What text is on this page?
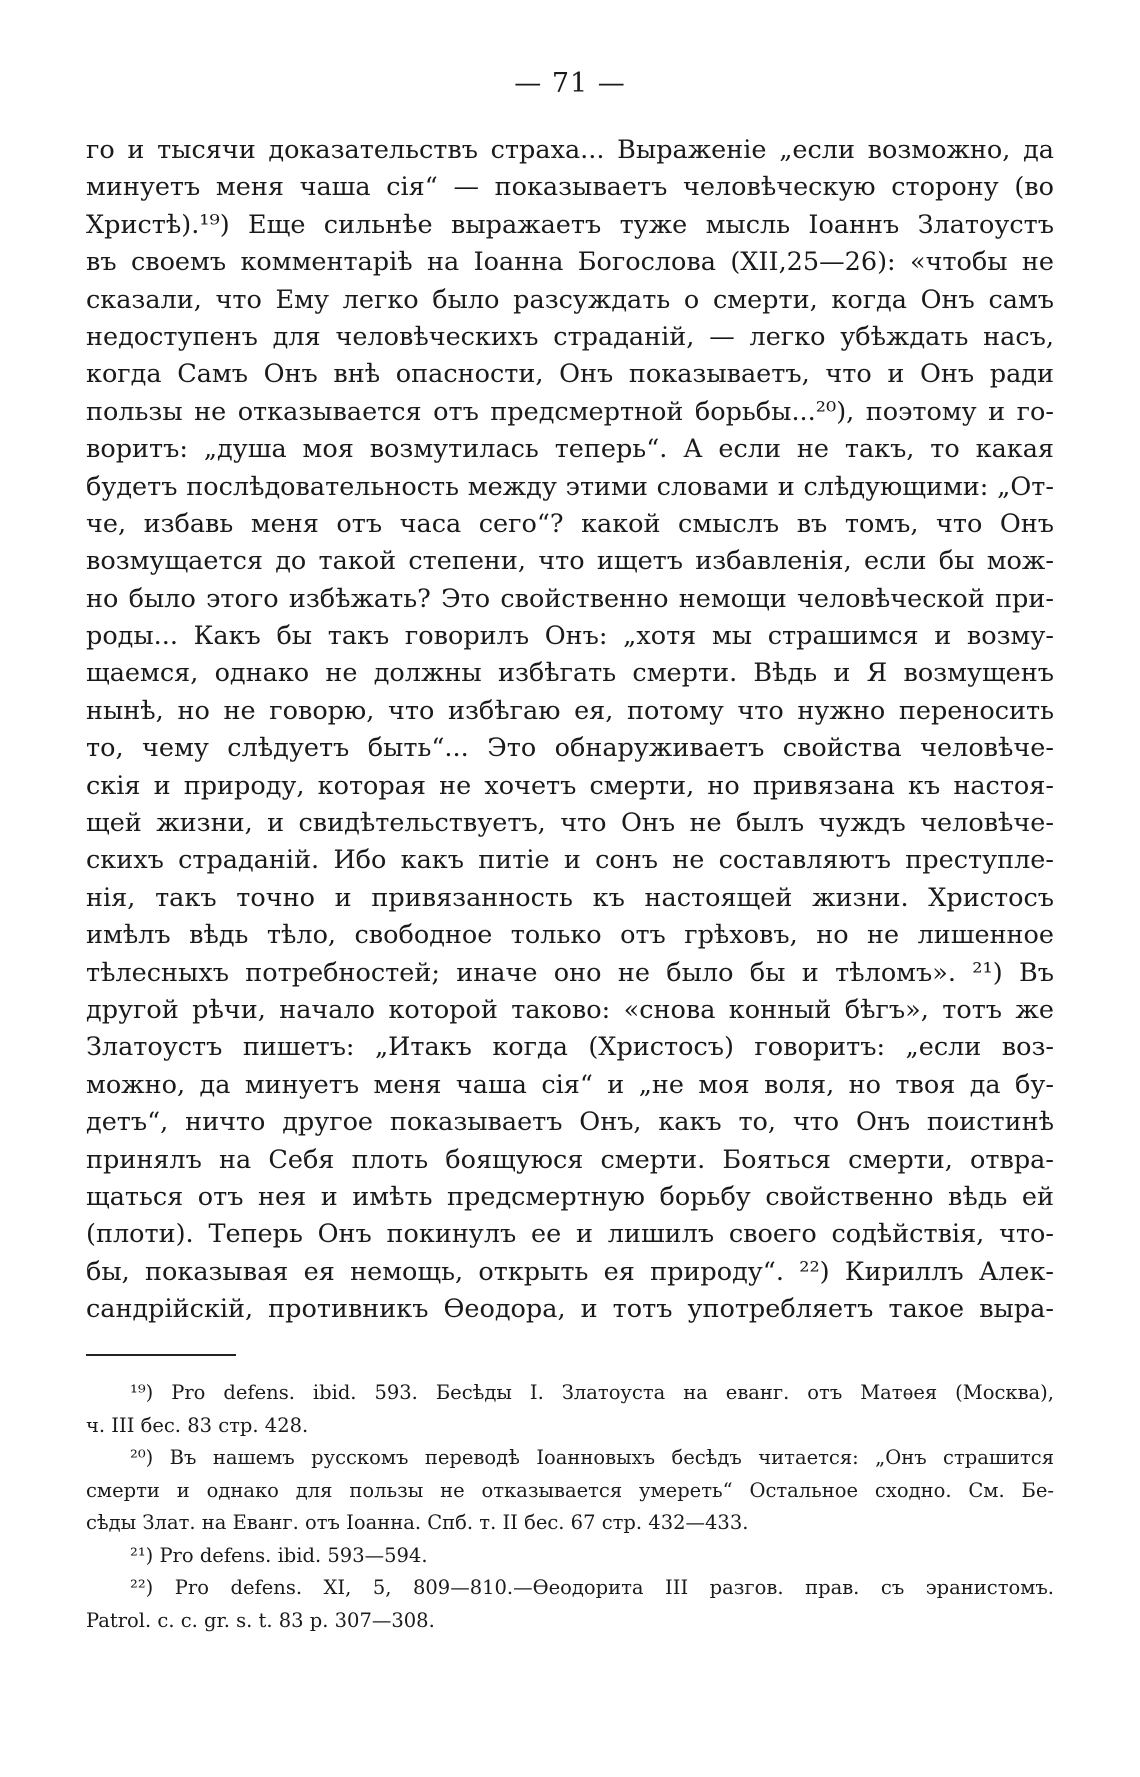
— 71 —
го и тысячи доказательствъ страха... Выраженіе „если возможно, да
минуетъ меня чаша сія“ — показываетъ человѣческую сторону (во
Христѣ).¹⁹) Еще сильнѣе выражаетъ туже мысль Іоаннъ Златоустъ
въ своемъ комментаріѣ на Іоанна Богослова (XII,25—26): «чтобы не
сказали, что Ему легко было разсуждать о смерти, когда Онъ самъ
недоступенъ для человѣческихъ страданій, — легко убѣждать насъ,
когда Самъ Онъ внѣ опасности, Онъ показываетъ, что и Онъ ради
пользы не отказывается отъ предсмертной борьбы...²⁰), поэтому и го-
воритъ: „душа моя возмутилась теперь“. А если не такъ, то какая
будетъ послѣдовательность между этими словами и слѣдующими: „От-
че, избавь меня отъ часа сего“? какой смыслъ въ томъ, что Онъ
возмущается до такой степени, что ищетъ избавленія, если бы мож-
но было этого избѣжать? Это свойственно немощи человѣческой при-
роды... Какъ бы такъ говорилъ Онъ: „хотя мы страшимся и возму-
щаемся, однако не должны избѣгать смерти. Вѣдь и Я возмущенъ
нынѣ, но не говорю, что избѣгаю ея, потому что нужно переносить
то, чему слѣдуетъ быть“... Это обнаруживаетъ свойства человѣче-
скія и природу, которая не хочетъ смерти, но привязана къ настоя-
щей жизни, и свидѣтельствуетъ, что Онъ не былъ чуждъ человѣче-
скихъ страданій. Ибо какъ питіе и сонъ не составляютъ преступле-
нія, такъ точно и привязанность къ настоящей жизни. Христосъ
имѣлъ вѣдь тѣло, свободное только отъ грѣховъ, но не лишенное
тѣлесныхъ потребностей; иначе оно не было бы и тѣломъ». ²¹) Въ
другой рѣчи, начало которой таково: «снова конный бѣгъ», тотъ же
Златоустъ пишетъ: „Итакъ когда (Христосъ) говоритъ: „если воз-
можно, да минуетъ меня чаша сія“ и „не моя воля, но твоя да бу-
детъ“, ничто другое показываетъ Онъ, какъ то, что Онъ поистинѣ
принялъ на Себя плоть боящуюся смерти. Бояться смерти, отвра-
щаться отъ нея и имѣть предсмертную борьбу свойственно вѣдь ей
(плоти). Теперь Онъ покинулъ ее и лишилъ своего содѣйствія, что-
бы, показывая ея немощь, открыть ея природу“. ²²) Кириллъ Алек-
сандрійскій, противникъ Ѳеодора, и тотъ употребляетъ такое выра-
¹⁹) Pro defens. ibid. 593. Бесѣды І. Златоуста на еванг. отъ Матѳея (Москва),
ч. III бес. 83 стр. 428.
²⁰) Въ нашемъ русскомъ переводѣ Іоанновыхъ бесѣдъ читается: „Онъ страшится
смерти и однако для пользы не отказывается умереть“ Остальное сходно. См. Бе-
сѣды Злат. на Еванг. отъ Іоанна. Спб. т. II бес. 67 стр. 432—433.
²¹) Pro defens. ibid. 593—594.
²²) Pro defens. XI, 5, 809—810.—Ѳеодорита III разгов. прав. съ эранистомъ.
Patrol. c. c. gr. s. t. 83 p. 307—308.
